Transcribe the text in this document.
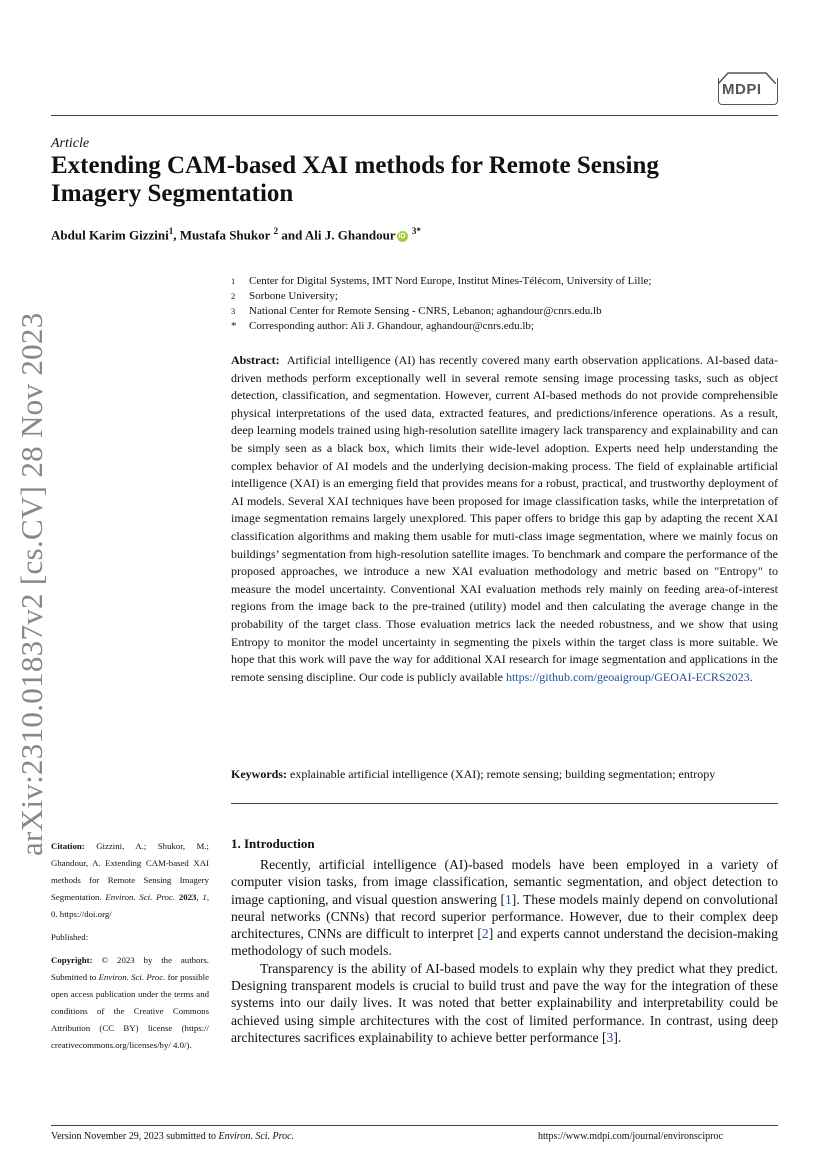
MDPI
Article
Extending CAM-based XAI methods for Remote Sensing Imagery Segmentation
Abdul Karim Gizzini$^1$, Mustafa Shukor $^2$ and Ali J. Ghandour iD $^{3*}$
1	Center for Digital Systems, IMT Nord Europe, Institut Mines-Télécom, University of Lille;
2	Sorbone University;
3	National Center for Remote Sensing - CNRS, Lebanon; aghandour@cnrs.edu.lb
*	Corresponding author: Ali J. Ghandour, aghandour@cnrs.edu.lb;
Abstract: Artificial intelligence (AI) has recently covered many earth observation applications. AI-based data-driven methods perform exceptionally well in several remote sensing image processing tasks, such as object detection, classification, and segmentation. However, current AI-based methods do not provide comprehensible physical interpretations of the used data, extracted features, and predictions/inference operations. As a result, deep learning models trained using high-resolution satellite imagery lack transparency and explainability and can be simply seen as a black box, which limits their wide-level adoption. Experts need help understanding the complex behavior of AI models and the underlying decision-making process. The field of explainable artificial intelligence (XAI) is an emerging field that provides means for a robust, practical, and trustworthy deployment of AI models. Several XAI techniques have been proposed for image classification tasks, while the interpretation of image segmentation remains largely unexplored. This paper offers to bridge this gap by adapting the recent XAI classification algorithms and making them usable for muti-class image segmentation, where we mainly focus on buildings’ segmentation from high-resolution satellite images. To benchmark and compare the performance of the proposed approaches, we introduce a new XAI evaluation methodology and metric based on "Entropy" to measure the model uncertainty. Conventional XAI evaluation methods rely mainly on feeding area-of-interest regions from the image back to the pre-trained (utility) model and then calculating the average change in the probability of the target class. Those evaluation metrics lack the needed robustness, and we show that using Entropy to monitor the model uncertainty in segmenting the pixels within the target class is more suitable. We hope that this work will pave the way for additional XAI research for image segmentation and applications in the remote sensing discipline. Our code is publicly available https://github.com/geoaigroup/GEOAI-ECRS2023.
Keywords: explainable artificial intelligence (XAI); remote sensing; building segmentation; entropy
arXiv:2310.01837v2 [cs.CV] 28 Nov 2023 Citation: Gizzini, A.; Shukor, M.; Ghandour, A. Extending CAM-based XAI methods for Remote Sensing Imagery Segmentation. Environ. Sci. Proc. 2023, 1, 0. https://doi.org/
Published:
Copyright: © 2023 by the authors. Submitted to Environ. Sci. Proc. for possible open access publication under the terms and conditions of the Creative Commons Attribution (CC BY) license (https:// creativecommons.org/licenses/by/ 4.0/).
1. Introduction

Recently, artificial intelligence (AI)-based models have been employed in a variety of computer vision tasks, from image classification, semantic segmentation, and object detection to image captioning, and visual question answering [1]. These models mainly depend on convolutional neural networks (CNNs) that record superior performance. However, due to their complex deep architectures, CNNs are difficult to interpret [2] and experts cannot understand the decision-making methodology of such models.

Transparency is the ability of AI-based models to explain why they predict what they predict. Designing transparent models is crucial to build trust and pave the way for the integration of these systems into our daily lives. It was noted that better explainability and interpretability could be achieved using simple architectures with the cost of limited performance. In contrast, using deep architectures sacrifices explainability to achieve better performance [3].

Version November 29, 2023 submitted to Environ. Sci. Proc.	https://www.mdpi.com/journal/environsciproc
